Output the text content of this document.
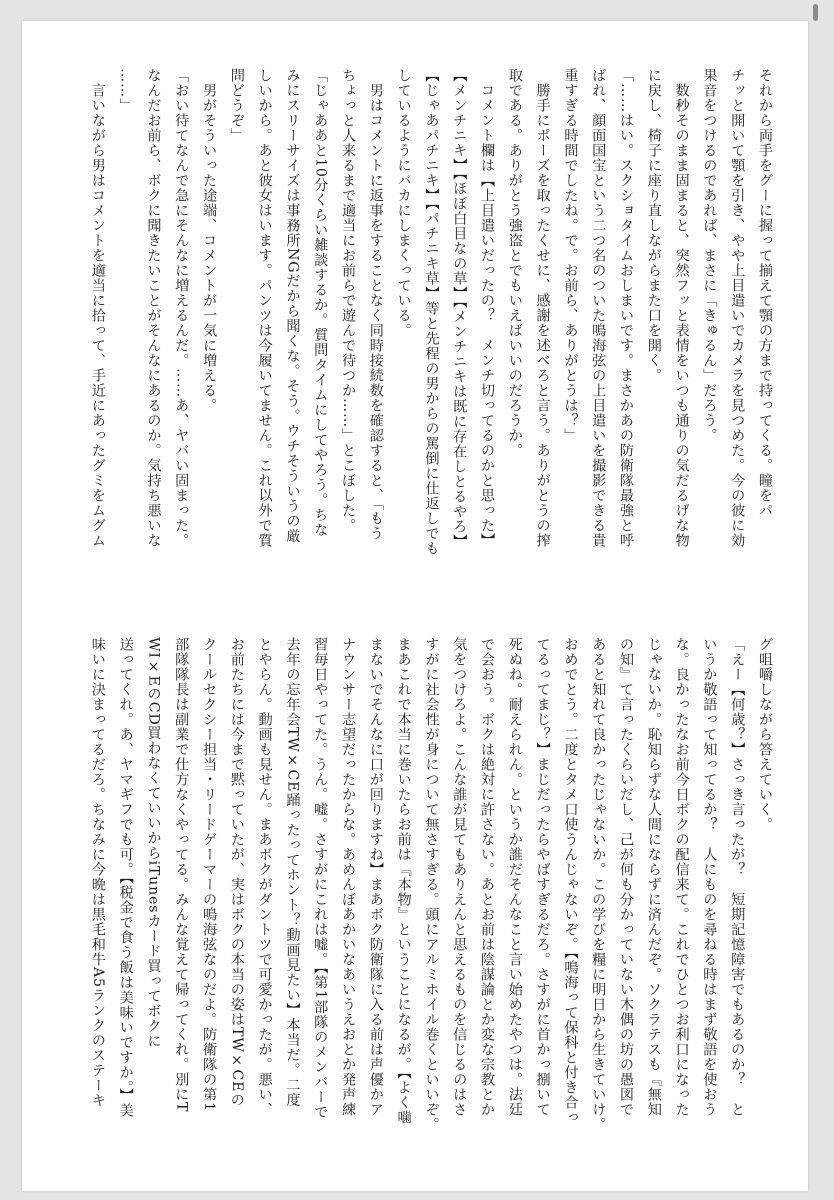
それから両手をグーに握って揃えて顎の方まで持ってくる。瞳をパ
チッと開いて顎を引き、やや上目遣いでカメラを見つめた。今の彼に効
果音をつけるのであれば、まさに「きゅるん」だろう。
　数秒そのまま固まると、突然フッと表情をいつも通りの気だるげな物
に戻し、椅子に座り直しながらまた口を開く。
「……はい。スクショタイムおしまいです。まさかあの防衛隊最強と呼
ばれ、顔面国宝という二つ名のついた鳴海弦の上目遣いを撮影できる貴
重すぎる時間でしたね。で。お前ら、ありがとうは？」
　勝手にポーズを取ったくせに、感謝を述べろと言う。ありがとうの搾
取である。ありがとう強盗とでもいえばいいのだろうか。
　コメント欄は【上目遣いだったの？　メンチ切ってるのかと思った】
【メンチニキ】【ほぼ白目なの草】【メンチニキは既に存在しとるやろ】
【じゃあパチニキ】【パチニキ草】等と先程の男からの罵倒に仕返しでも
しているようにバカにしまくっている。
　男はコメントに返事をすることなく同時接続数を確認すると、「もう
ちょっと人来るまで適当にお前らで遊んで待つか……」とこぼした。
「じゃああと10分くらい雑談するか。質問タイムにしてやろう。ちな
みにスリーサイズは事務所NGだから聞くな。そう。ウチそういうの厳
しいから。あと彼女はいます。パンツは今履いてません。これ以外で質
問どうぞ」
　男がそういった途端、コメントが一気に増える。
「おい待てなんで急にそんなに増えるんだ。……あ、ヤバい固まった。
なんだお前ら、ボクに聞きたいことがそんなにあるのか。気持ち悪いな
……」
　言いながら男はコメントを適当に拾って、手近にあったグミをムグム
グ咀嚼しながら答えていく。
「えー【何歳？】さっき言ったが？　短期記憶障害でもあるのか？　と
いうか敬語って知ってるか？　人にものを尋ねる時はまず敬語を使おう
な。良かったなお前今日ボクの配信来て。これでひとつお利口になった
じゃないか。恥知らずな人間にならずに済んだぞ。ソクラテスも『無知
の知』て言ったくらいだし、己が何も分かっていない木偶の坊の愚図で
あると知れて良かったじゃないか。この学びを糧に明日から生きていけ。
おめでとう。二度とタメ口使うんじゃないぞ。【鳴海って保科と付き合っ
てるってまじ？】まじだったらやばすぎるだろ。さすがに首かっ捌いて
死ぬね。耐えられん。というか誰だそんなこと言い始めたやつは。法廷
で会おう。ボクは絶対に許さない。あとお前は陰謀論とか変な宗教とか
気をつけろよ。こんな誰が見てもありえんと思えるものを信じるのはさ
すがに社会性が身について無さすぎる。頭にアルミホイル巻くといいぞ。
まあこれで本当に巻いたらお前は『本物』ということになるが。【よく噛
まないでそんなに口が回りますね】まあボク防衛隊に入る前は声優かア
ナウンサー志望だったからな。あめんぼあかいなあいうえおとか発声練
習毎日やってた。うん。嘘。さすがにこれは嘘。【第1部隊のメンバーで
去年の忘年会TW×CE踊ったってホント？動画見たい】本当だ。二度
とやらん。動画も見せん。まあボクがダントツで可愛かったが。悪い、
お前たちには今まで黙っていたが、実はボクの本当の姿はTW×CEの
クールセクシー担当・リードゲーマーの鳴海弦なのだよ。防衛隊の第1
部隊隊長は副業で仕方なくやってる。みんな覚えて帰ってくれ。別にT
WI×EのCD買わなくていいからiTunesカード買ってボクに
送ってくれ。あ、ヤマギフでも可。【税金で食う飯は美味いですか。】美
味いに決まってるだろ。ちなみに今晩は黒毛和牛A5ランクのステーキ
